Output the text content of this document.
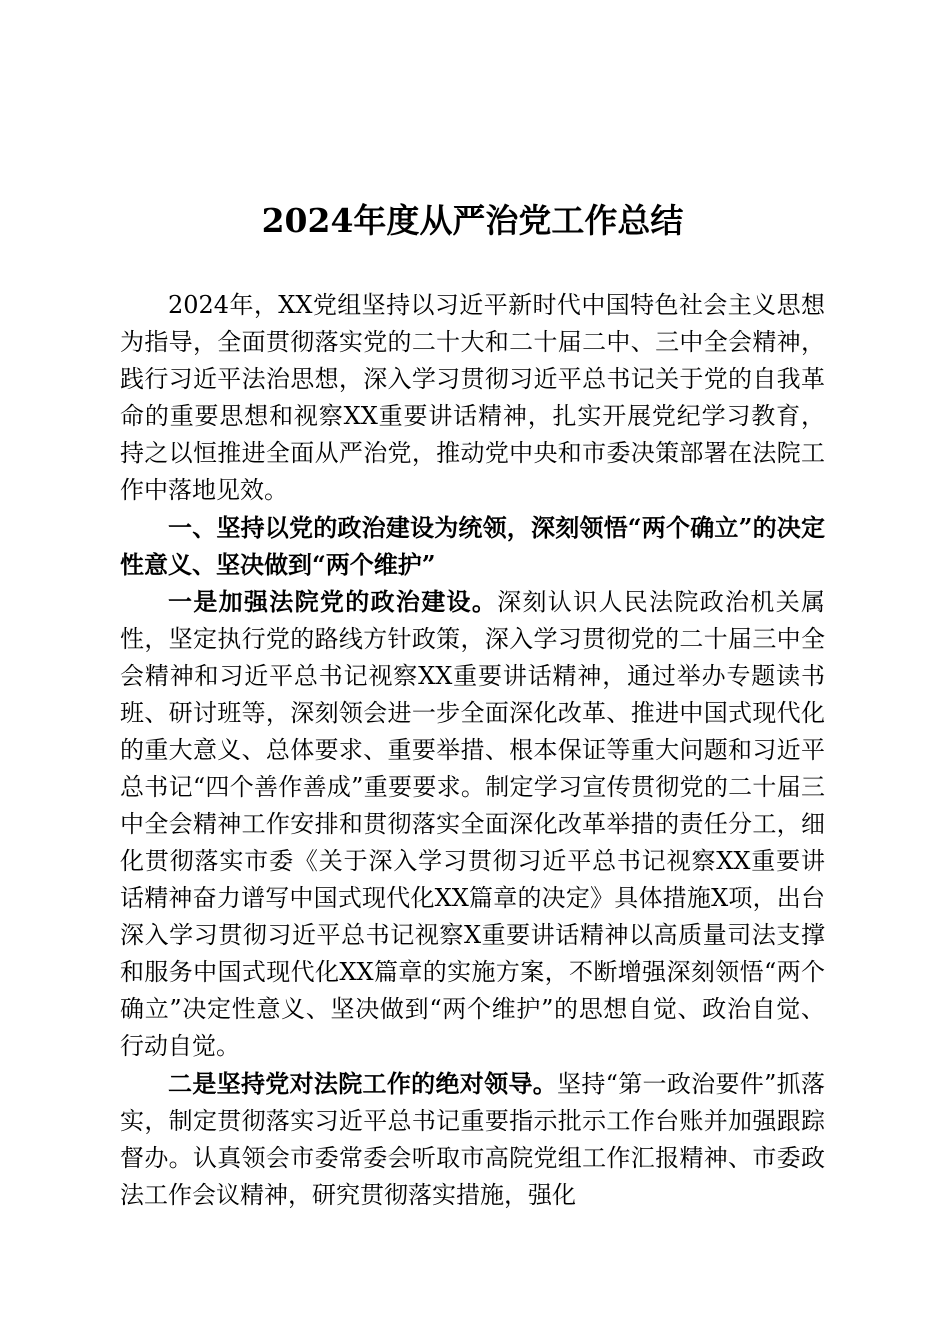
2024年度从严治党工作总结

2024年，XX党组坚持以习近平新时代中国特色社会主义思想为指导，全面贯彻落实党的二十大和二十届二中、三中全会精神，践行习近平法治思想，深入学习贯彻习近平总书记关于党的自我革命的重要思想和视察XX重要讲话精神，扎实开展党纪学习教育，持之以恒推进全面从严治党，推动党中央和市委决策部署在法院工作中落地见效。

一、坚持以党的政治建设为统领，深刻领悟“两个确立”的决定性意义、坚决做到“两个维护”

一是加强法院党的政治建设。深刻认识人民法院政治机关属性，坚定执行党的路线方针政策，深入学习贯彻党的二十届三中全会精神和习近平总书记视察XX重要讲话精神，通过举办专题读书班、研讨班等，深刻领会进一步全面深化改革、推进中国式现代化的重大意义、总体要求、重要举措、根本保证等重大问题和习近平总书记“四个善作善成”重要要求。制定学习宣传贯彻党的二十届三中全会精神工作安排和贯彻落实全面深化改革举措的责任分工，细化贯彻落实市委《关于深入学习贯彻习近平总书记视察XX重要讲话精神奋力谱写中国式现代化XX篇章的决定》具体措施X项，出台深入学习贯彻习近平总书记视察X重要讲话精神以高质量司法支撑和服务中国式现代化XX篇章的实施方案，不断增强深刻领悟“两个确立”决定性意义、坚决做到“两个维护”的思想自觉、政治自觉、行动自觉。

二是坚持党对法院工作的绝对领导。坚持“第一政治要件”抓落实，制定贯彻落实习近平总书记重要指示批示工作台账并加强跟踪督办。认真领会市委常委会听取市高院党组工作汇报精神、市委政法工作会议精神，研究贯彻落实措施，强化
